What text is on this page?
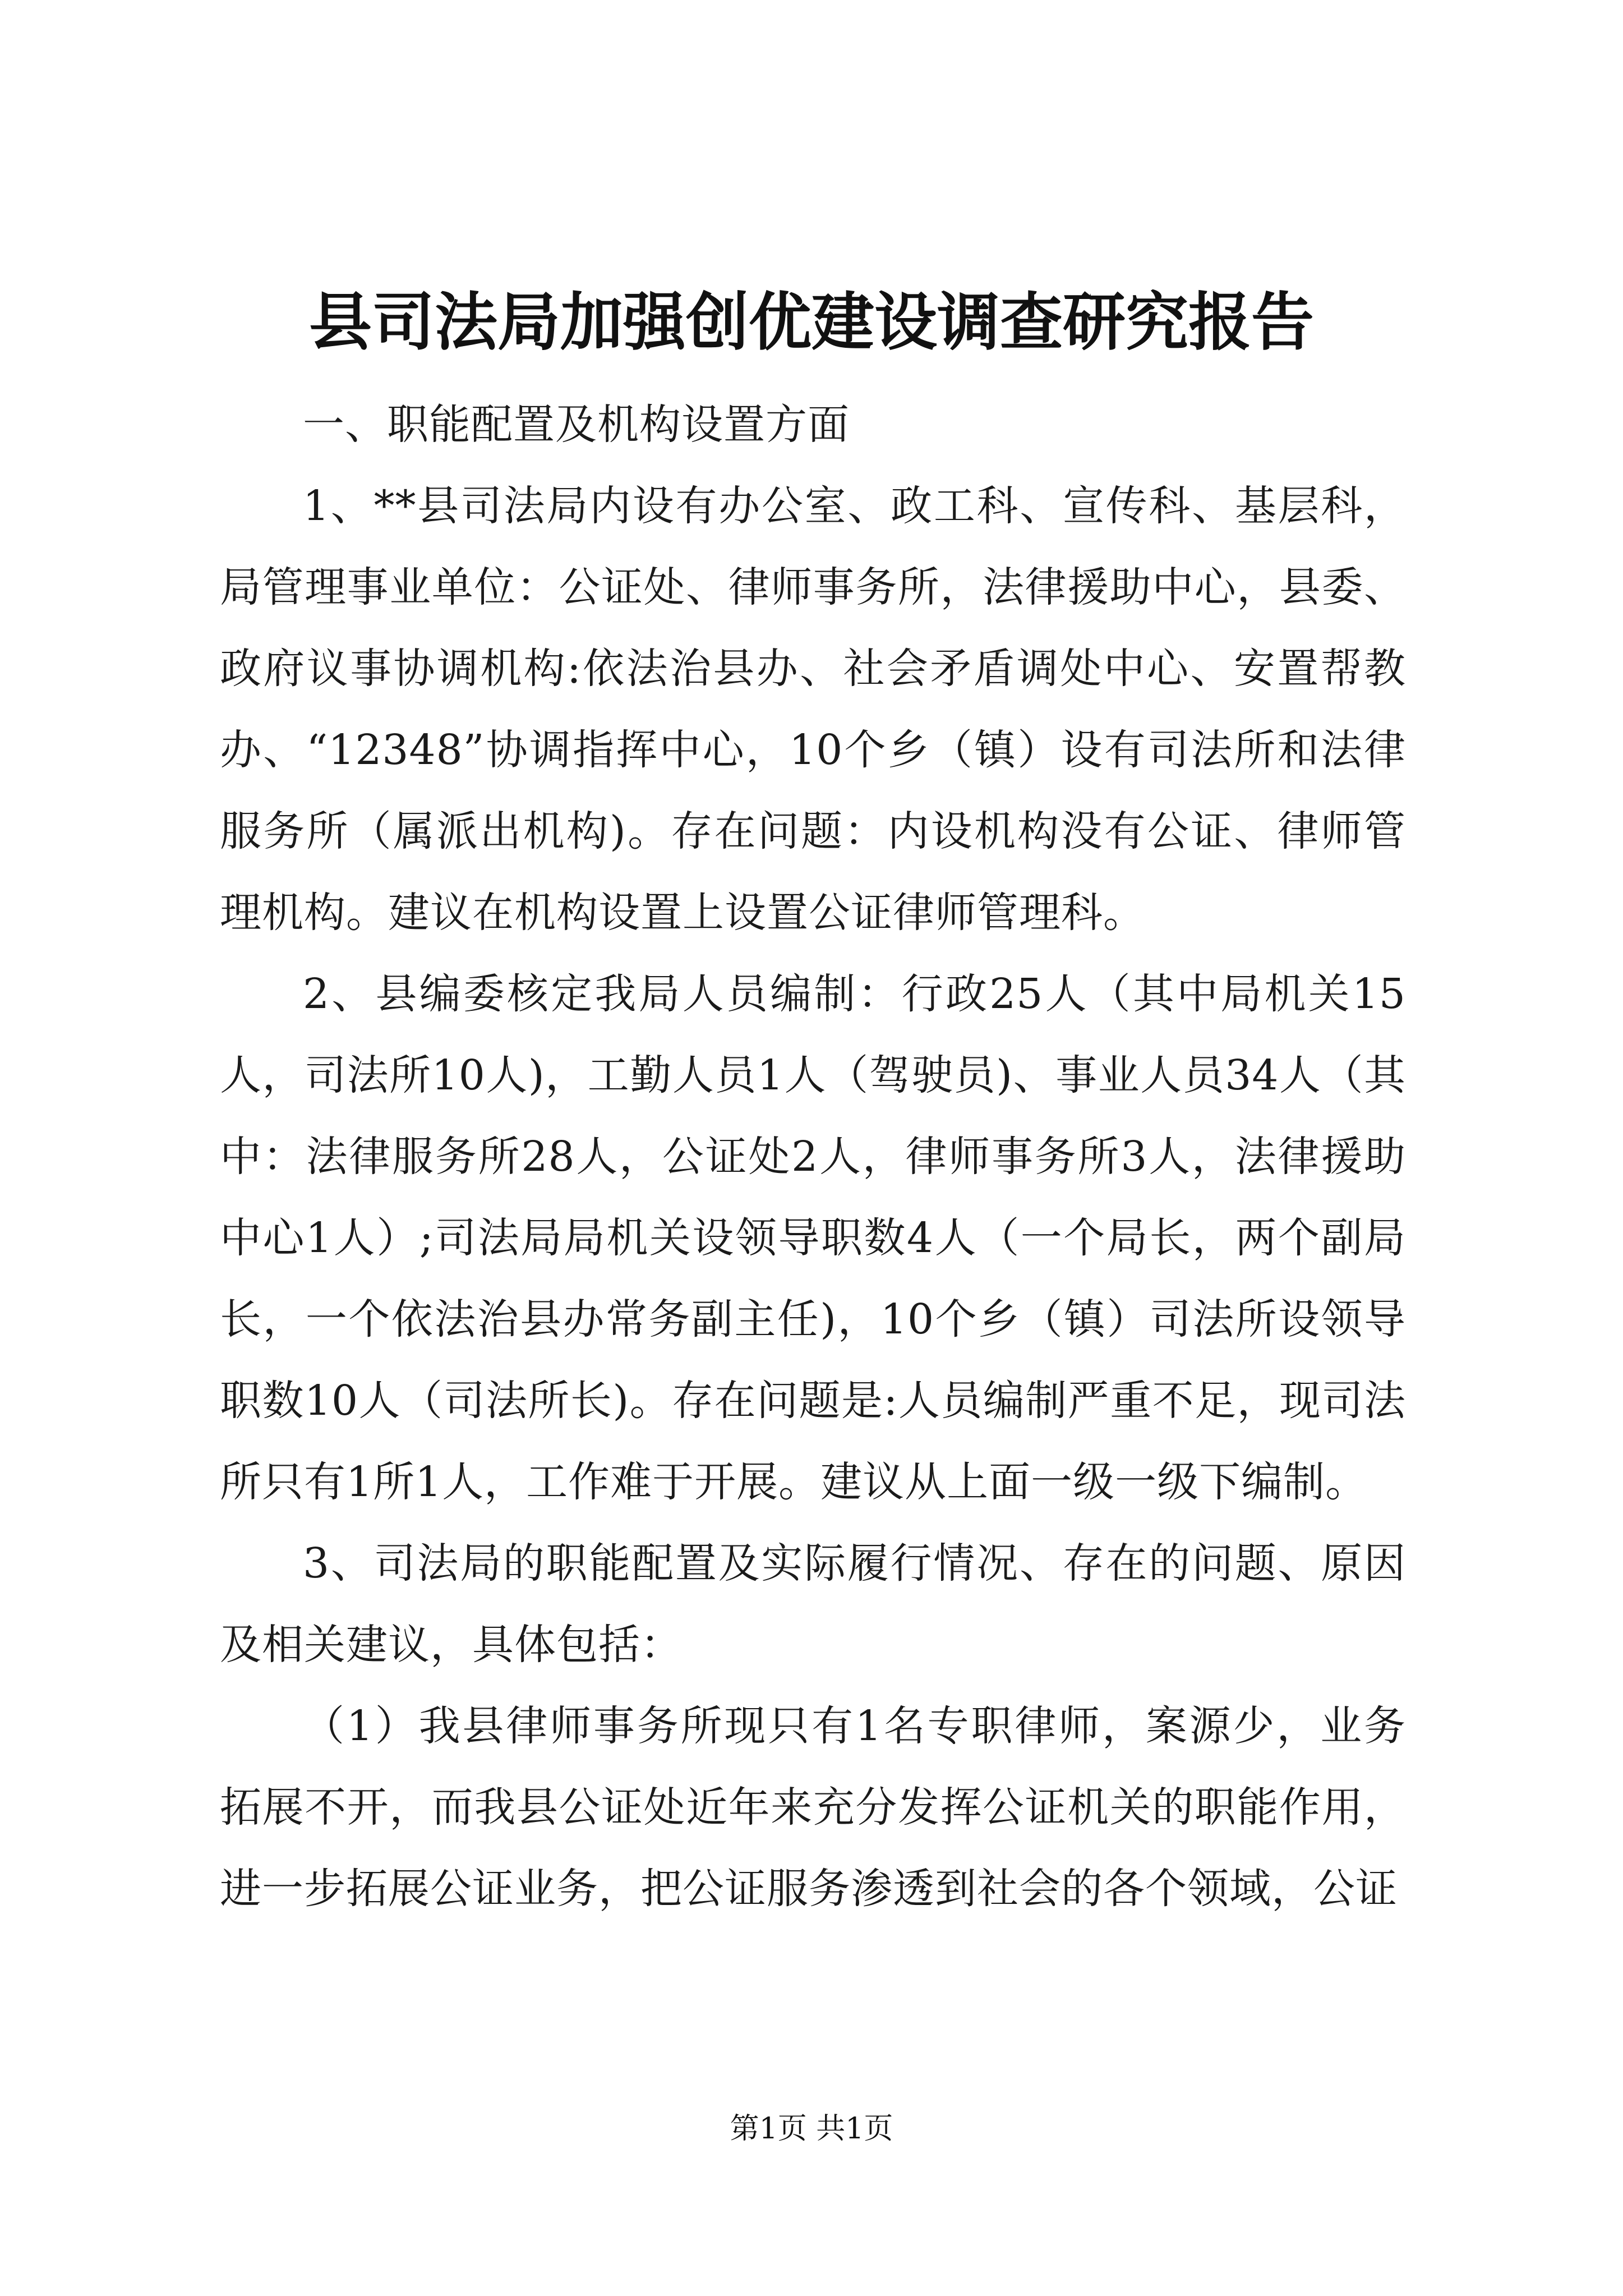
县司法局加强创优建设调查研究报告

一、职能配置及机构设置方面

1、**县司法局内设有办公室、政工科、宣传科、基层科，局管理事业单位：公证处、律师事务所，法律援助中心，县委、政府议事协调机构:依法治县办、社会矛盾调处中心、安置帮教办、“12348”协调指挥中心，10个乡（镇）设有司法所和法律服务所（属派出机构)。存在问题：内设机构没有公证、律师管理机构。建议在机构设置上设置公证律师管理科。

2、县编委核定我局人员编制：行政25人（其中局机关15人，司法所10人)，工勤人员1人（驾驶员)、事业人员34人（其中：法律服务所28人，公证处2人，律师事务所3人，法律援助中心1人）;司法局局机关设领导职数4人（一个局长，两个副局长，一个依法治县办常务副主任)，10个乡（镇）司法所设领导职数10人（司法所长)。存在问题是:人员编制严重不足，现司法所只有1所1人，工作难于开展。建议从上面一级一级下编制。

3、司法局的职能配置及实际履行情况、存在的问题、原因及相关建议，具体包括：

（1）我县律师事务所现只有1名专职律师，案源少，业务拓展不开，而我县公证处近年来充分发挥公证机关的职能作用，进一步拓展公证业务，把公证服务渗透到社会的各个领域，公证

第1页 共1页
